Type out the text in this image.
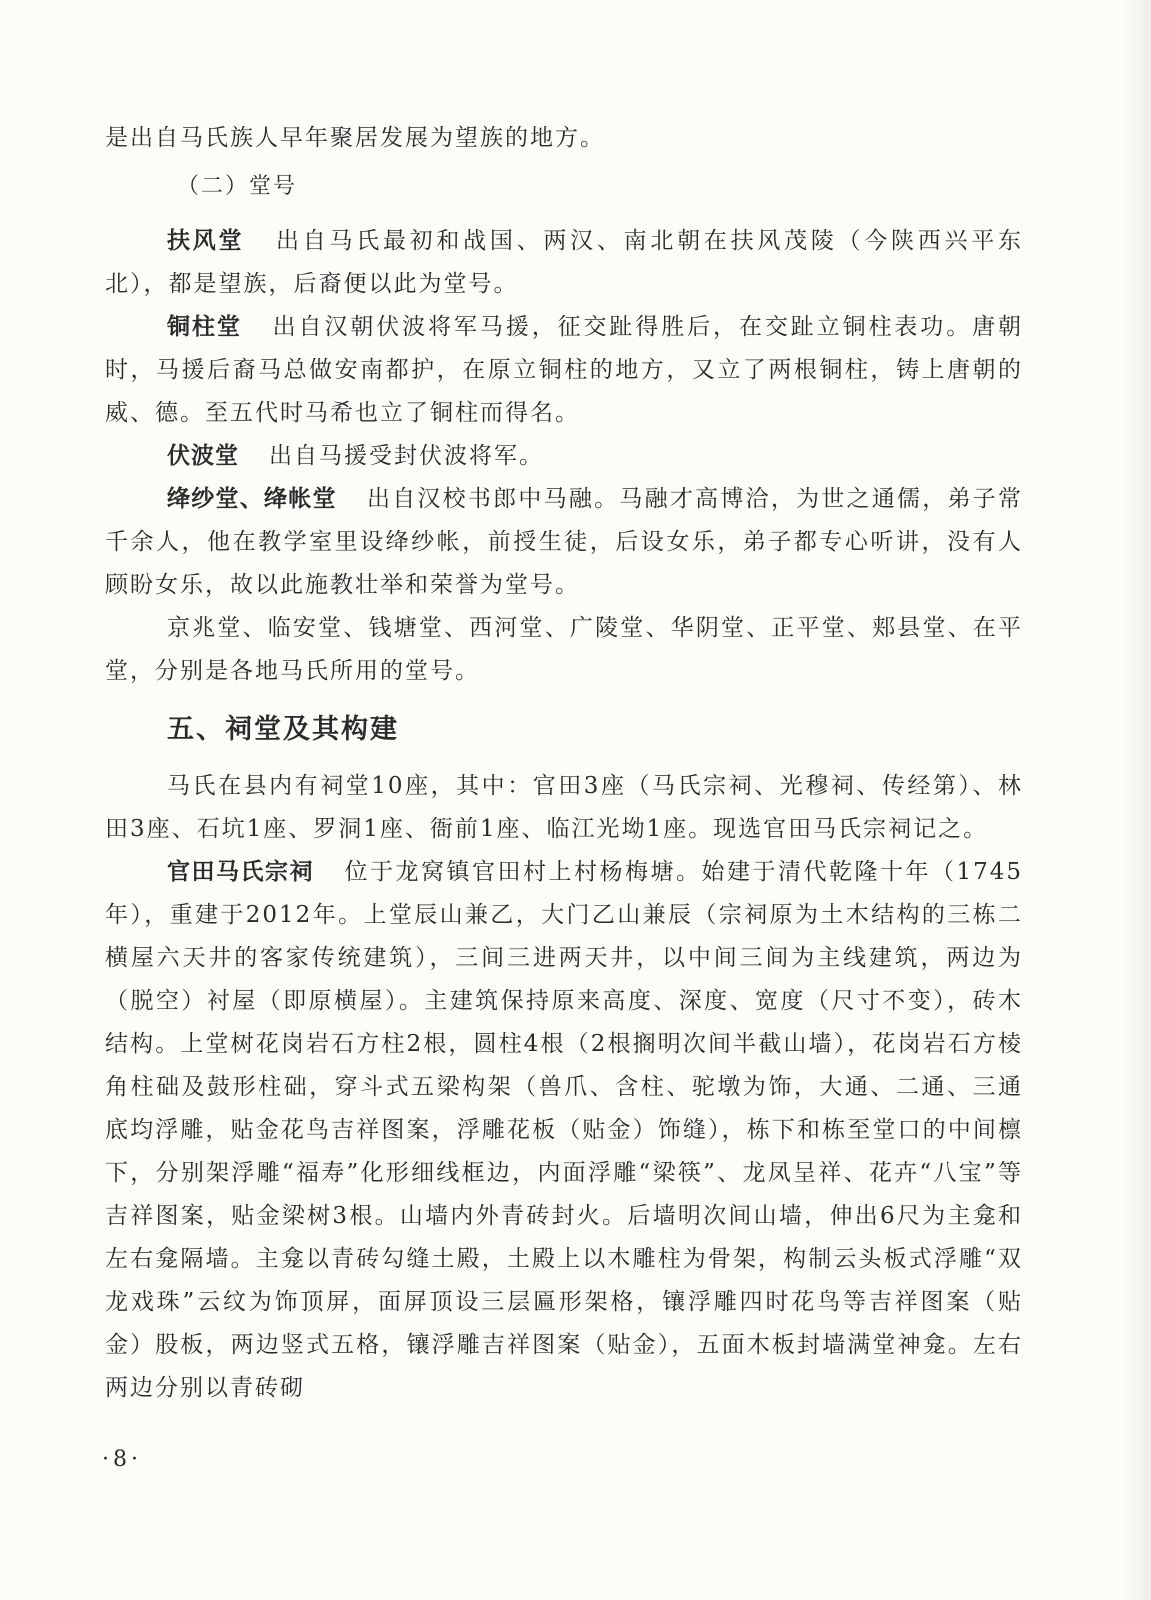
是出自马氏族人早年聚居发展为望族的地方。

（二）堂号

扶风堂 出自马氏最初和战国、两汉、南北朝在扶风茂陵（今陕西兴平东北），都是望族，后裔便以此为堂号。

铜柱堂 出自汉朝伏波将军马援，征交趾得胜后，在交趾立铜柱表功。唐朝时，马援后裔马总做安南都护，在原立铜柱的地方，又立了两根铜柱，铸上唐朝的威、德。至五代时马希也立了铜柱而得名。

伏波堂 出自马援受封伏波将军。

绛纱堂、绛帐堂 出自汉校书郎中马融。马融才高博洽，为世之通儒，弟子常千余人，他在教学室里设绛纱帐，前授生徒，后设女乐，弟子都专心听讲，没有人顾盼女乐，故以此施教壮举和荣誉为堂号。

京兆堂、临安堂、钱塘堂、西河堂、广陵堂、华阴堂、正平堂、郏县堂、在平堂，分别是各地马氏所用的堂号。

五、祠堂及其构建

马氏在县内有祠堂10座，其中：官田3座（马氏宗祠、光穆祠、传经第）、林田3座、石坑1座、罗洞1座、衙前1座、临江光坳1座。现选官田马氏宗祠记之。

官田马氏宗祠 位于龙窝镇官田村上村杨梅塘。始建于清代乾隆十年（1745年），重建于2012年。上堂辰山兼乙，大门乙山兼辰（宗祠原为土木结构的三栋二横屋六天井的客家传统建筑），三间三进两天井，以中间三间为主线建筑，两边为（脱空）衬屋（即原横屋）。主建筑保持原来高度、深度、宽度（尺寸不变），砖木结构。上堂树花岗岩石方柱2根，圆柱4根（2根搁明次间半截山墙），花岗岩石方棱角柱础及鼓形柱础，穿斗式五梁构架（兽爪、含柱、驼墩为饰，大通、二通、三通底均浮雕，贴金花鸟吉祥图案，浮雕花板（贴金）饰缝），栋下和栋至堂口的中间檩下，分别架浮雕“福寿”化形细线框边，内面浮雕“梁筷”、龙凤呈祥、花卉“八宝”等吉祥图案，贴金梁树3根。山墙内外青砖封火。后墙明次间山墙，伸出6尺为主龛和左右龛隔墙。主龛以青砖勾缝土殿，土殿上以木雕柱为骨架，构制云头板式浮雕“双龙戏珠”云纹为饰顶屏，面屏顶设三层匾形架格，镶浮雕四时花鸟等吉祥图案（贴金）股板，两边竖式五格，镶浮雕吉祥图案（贴金），五面木板封墙满堂神龛。左右两边分别以青砖砌

·8·
